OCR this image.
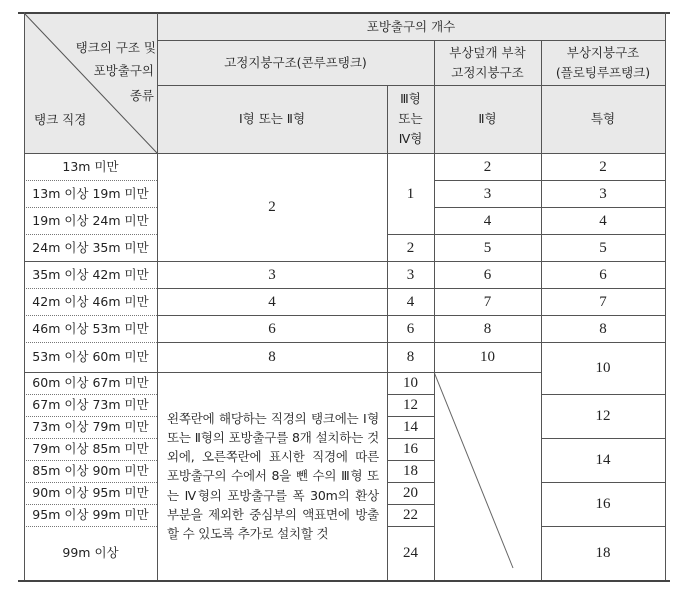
탱크의 구조 및
포방출구의
종류
탱크 직경
포방출구의 개수
고정지붕구조(콘루프탱크)
부상덮개 부착
고정지붕구조
부상지붕구조
(플로팅루프탱크)
Ⅰ형 또는 Ⅱ형
Ⅲ형
또는
Ⅳ형
Ⅱ형	특형
13m 미만
13m 이상 19m 미만
19m 이상 24m 미만
24m 이상 35m 미만
35m 이상 42m 미만
42m 이상 46m 미만
46m 이상 53m 미만
53m 이상 60m 미만
60m 이상 67m 미만
67m 이상 73m 미만
73m 이상 79m 미만
79m 이상 85m 미만
85m 이상 90m 미만
90m 이상 95m 미만
95m 이상 99m 미만
99m 이상
2
3
4
6
8
왼쪽란에 해당하는 직경의 탱크에는 Ⅰ형 또는 Ⅱ형의 포방출구를 8개 설치하는 것 외에, 오른쪽란에 표시한 직경에 따른 포방출구의 수에서 8을 뺀 수의 Ⅲ형 또는 Ⅳ형의 포방출구를 폭 30m의 환상부분을 제외한 중심부의 액표면에 방출할 수 있도록 추가로 설치할 것
1
2
3
4
6
8
10
12
14
16
18
20
22
24
2
3
4
5
6
7
8
10
2
3
4
5
6
7
8
10
12
14
16
18
